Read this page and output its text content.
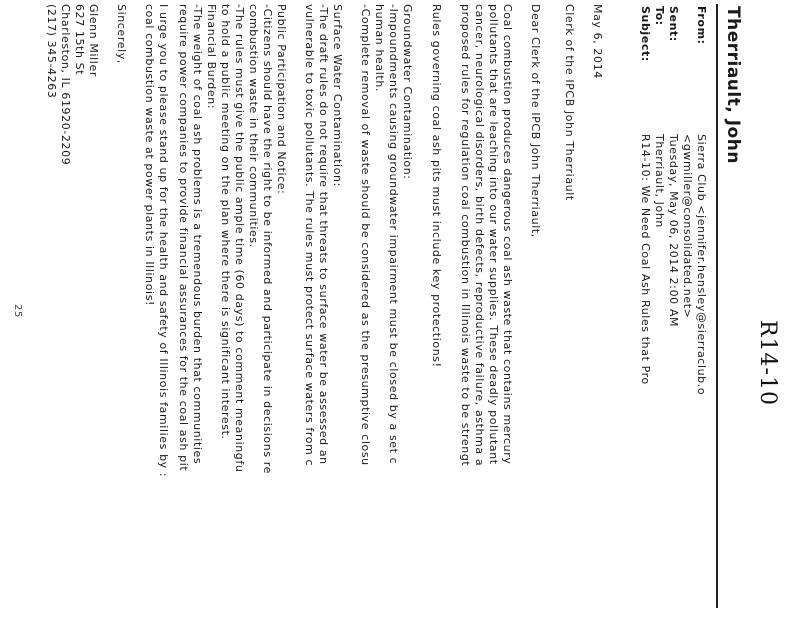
R14-10
Therriault, John
From:
Sierra Club <jennifer.hensley@sierraclub.o
<gwmiller@consolidated.net>
Sent:
Tuesday, May 06, 2014 2:00 AM
To:
Therriault, John
Subject:
R14-10: We Need Coal Ash Rules that Pro
May 6, 2014
Clerk of the IPCB John Therriault
Dear Clerk of the IPCB John Therriault,
Coal combustion produces dangerous coal ash waste that contains mercury
pollutants that are leaching into our water supplies. These deadly pollutant
cancer, neurological disorders, birth defects, reproductive failure, asthma a
proposed rules for regulation coal combustion in Illinois waste to be strengt
Rules governing coal ash pits must include key protections!
Groundwater Contamination:
-Impoundments causing groundwater impairment must be closed by a set c
human health.
-Complete removal of waste should be considered as the presumptive closu
Surface Water Contamination:
-The draft rules do not require that threats to surface water be assessed an
vulnerable to toxic pollutants. The rules must protect surface waters from c
Public Participation and Notice:
-Citizens should have the right to be informed and participate in decisions re
combustion waste in their communities.
-The rules must give the public ample time (60 days) to comment meaningfu
to hold a public meeting on the plan where there is significant interest.
Financial Burden:
-The weight of coal ash problems is a tremendous burden that communities
require power companies to provide financial assurances for the coal ash pit
I urge you to please stand up for the health and safety of Illinois families by :
coal combustion waste at power plants in Illinois!
Sincerely,
Glenn Miller
627 15th St
Charleston, IL 61920-2209
(217) 345-4263
25
